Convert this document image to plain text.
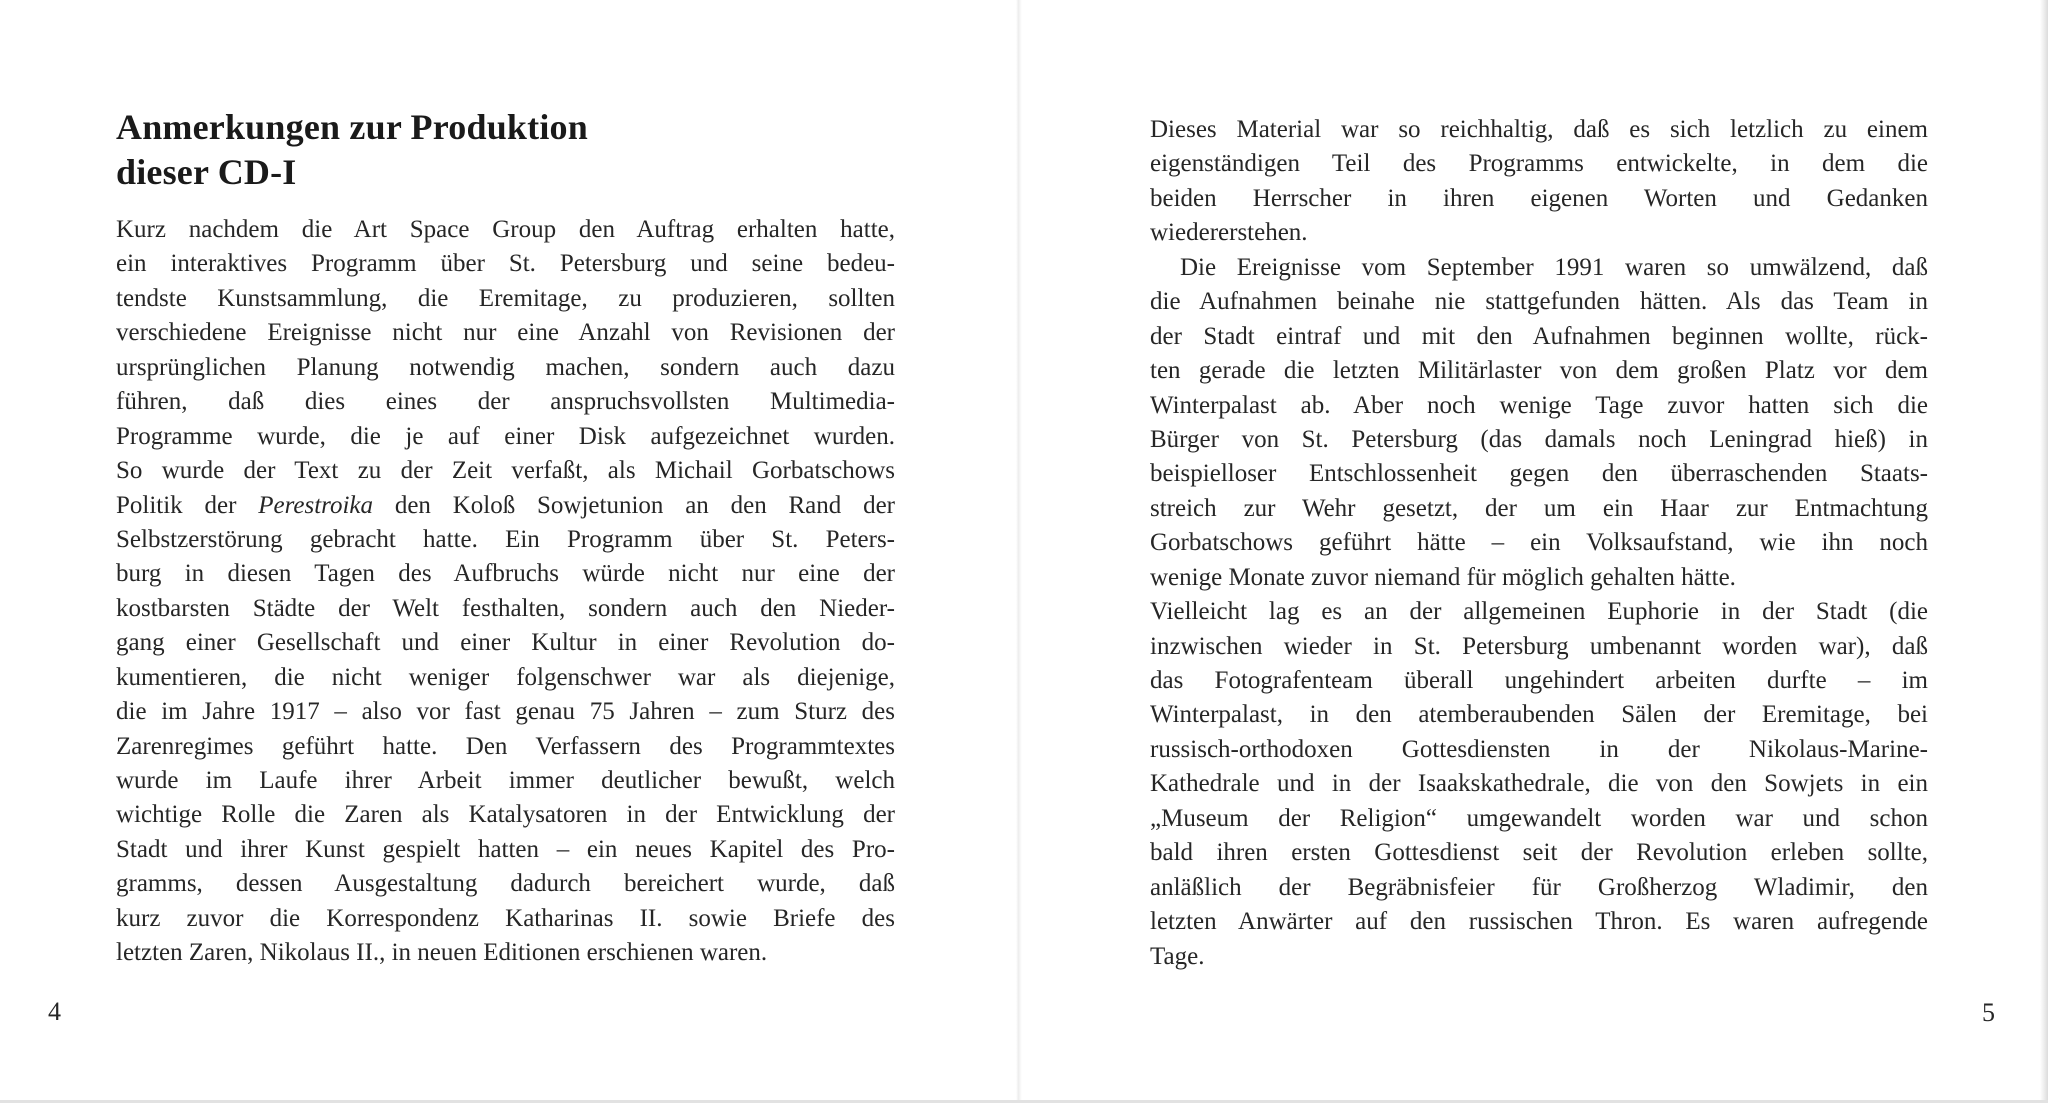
Anmerkungen zur Produktion
dieser CD-I
Kurz nachdem die Art Space Group den Auftrag erhalten hatte,
ein interaktives Programm über St. Petersburg und seine bedeu-
tendste Kunstsammlung, die Eremitage, zu produzieren, sollten
verschiedene Ereignisse nicht nur eine Anzahl von Revisionen der
ursprünglichen Planung notwendig machen, sondern auch dazu
führen, daß dies eines der anspruchsvollsten Multimedia-
Programme wurde, die je auf einer Disk aufgezeichnet wurden.
So wurde der Text zu der Zeit verfaßt, als Michail Gorbatschows
Politik der Perestroika den Koloß Sowjetunion an den Rand der
Selbstzerstörung gebracht hatte. Ein Programm über St. Peters-
burg in diesen Tagen des Aufbruchs würde nicht nur eine der
kostbarsten Städte der Welt festhalten, sondern auch den Nieder-
gang einer Gesellschaft und einer Kultur in einer Revolution do-
kumentieren, die nicht weniger folgenschwer war als diejenige,
die im Jahre 1917 – also vor fast genau 75 Jahren – zum Sturz des
Zarenregimes geführt hatte. Den Verfassern des Programmtextes
wurde im Laufe ihrer Arbeit immer deutlicher bewußt, welch
wichtige Rolle die Zaren als Katalysatoren in der Entwicklung der
Stadt und ihrer Kunst gespielt hatten – ein neues Kapitel des Pro-
gramms, dessen Ausgestaltung dadurch bereichert wurde, daß
kurz zuvor die Korrespondenz Katharinas II. sowie Briefe des
letzten Zaren, Nikolaus II., in neuen Editionen erschienen waren.
Dieses Material war so reichhaltig, daß es sich letzlich zu einem
eigenständigen Teil des Programms entwickelte, in dem die
beiden Herrscher in ihren eigenen Worten und Gedanken
wiedererstehen.
Die Ereignisse vom September 1991 waren so umwälzend, daß
die Aufnahmen beinahe nie stattgefunden hätten. Als das Team in
der Stadt eintraf und mit den Aufnahmen beginnen wollte, rück-
ten gerade die letzten Militärlaster von dem großen Platz vor dem
Winterpalast ab. Aber noch wenige Tage zuvor hatten sich die
Bürger von St. Petersburg (das damals noch Leningrad hieß) in
beispielloser Entschlossenheit gegen den überraschenden Staats-
streich zur Wehr gesetzt, der um ein Haar zur Entmachtung
Gorbatschows geführt hätte – ein Volksaufstand, wie ihn noch
wenige Monate zuvor niemand für möglich gehalten hätte.
Vielleicht lag es an der allgemeinen Euphorie in der Stadt (die
inzwischen wieder in St. Petersburg umbenannt worden war), daß
das Fotografenteam überall ungehindert arbeiten durfte – im
Winterpalast, in den atemberaubenden Sälen der Eremitage, bei
russisch-orthodoxen Gottesdiensten in der Nikolaus-Marine-
Kathedrale und in der Isaakskathedrale, die von den Sowjets in ein
„Museum der Religion“ umgewandelt worden war und schon
bald ihren ersten Gottesdienst seit der Revolution erleben sollte,
anläßlich der Begräbnisfeier für Großherzog Wladimir, den
letzten Anwärter auf den russischen Thron. Es waren aufregende
Tage.
4	5
